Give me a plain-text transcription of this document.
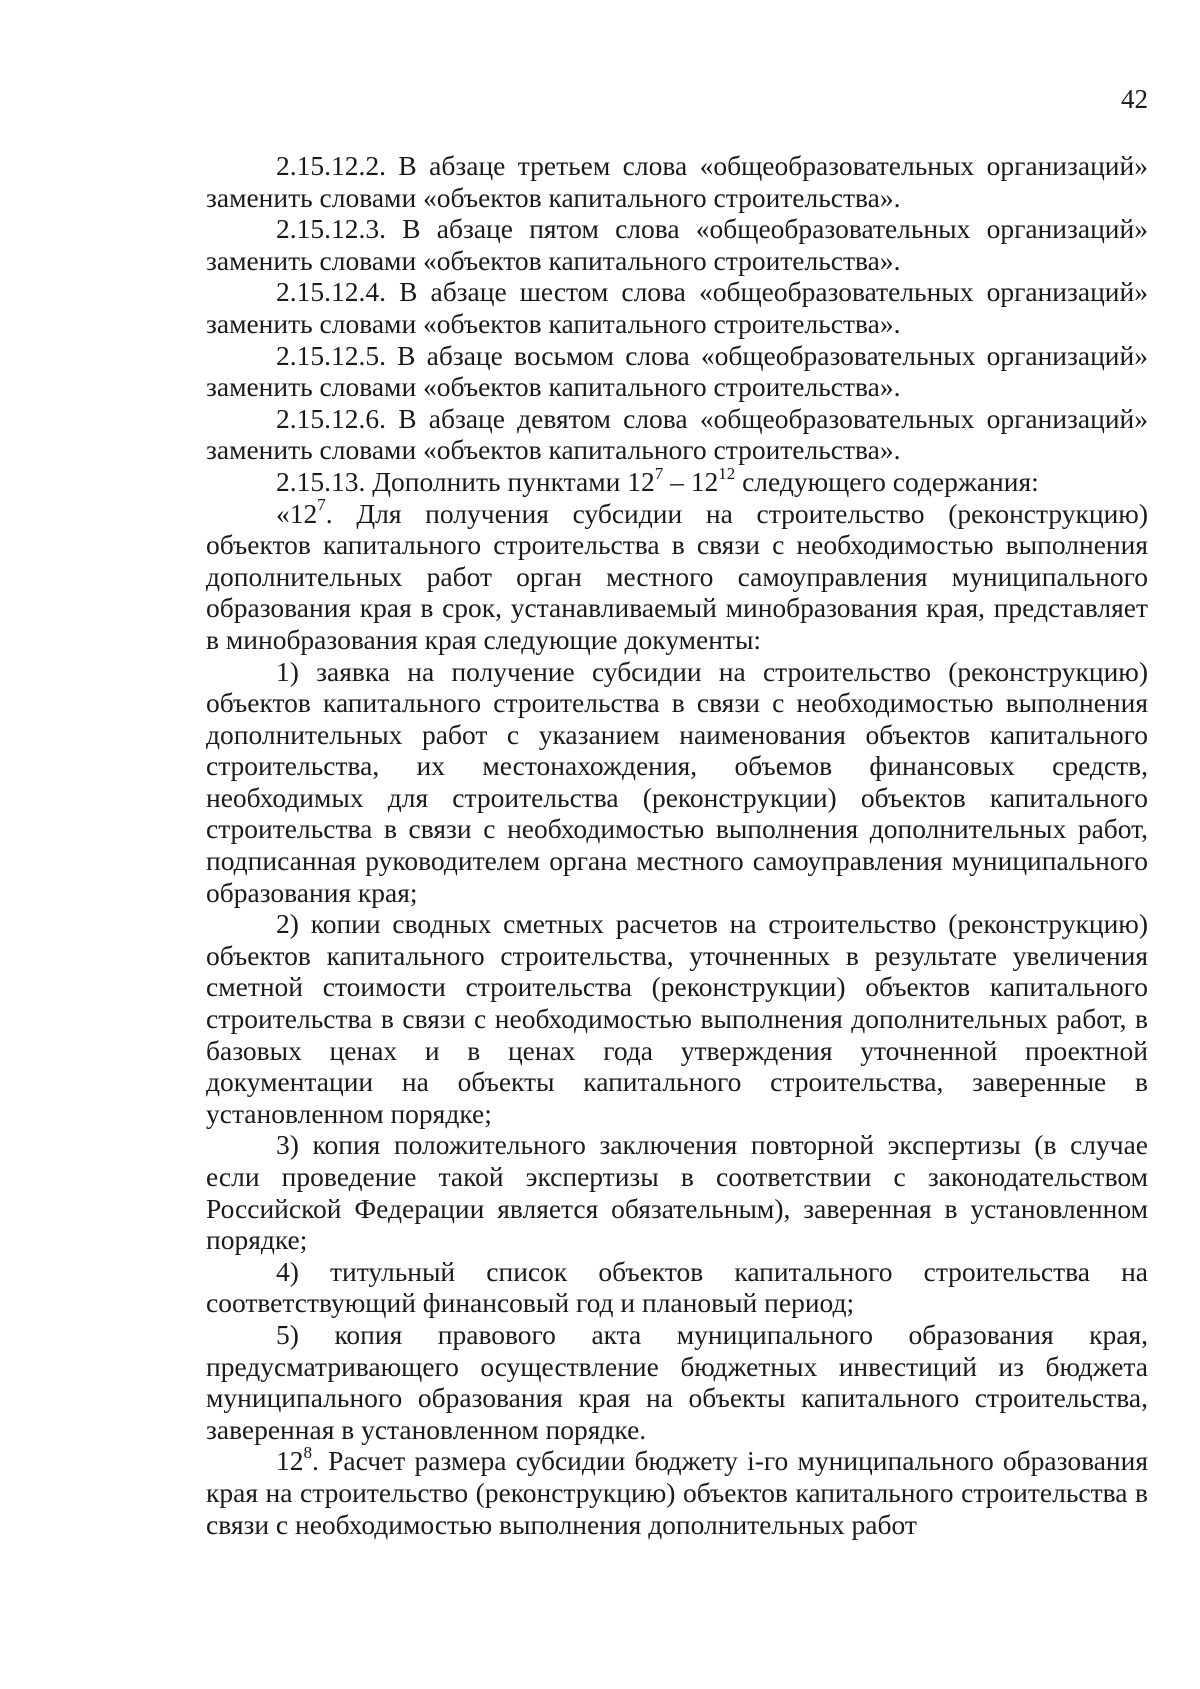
42

2.15.12.2. В абзаце третьем слова «общеобразовательных организаций» заменить словами «объектов капитального строительства».

2.15.12.3. В абзаце пятом слова «общеобразовательных организаций» заменить словами «объектов капитального строительства».

2.15.12.4. В абзаце шестом слова «общеобразовательных организаций» заменить словами «объектов капитального строительства».

2.15.12.5. В абзаце восьмом слова «общеобразовательных организаций» заменить словами «объектов капитального строительства».

2.15.12.6. В абзаце девятом слова «общеобразовательных организаций» заменить словами «объектов капитального строительства».

2.15.13. Дополнить пунктами $12^7 - 12^{12}$ следующего содержания:

«$12^7$. Для получения субсидии на строительство (реконструкцию) объектов капитального строительства в связи с необходимостью выполнения дополнительных работ орган местного самоуправления муниципального образования края в срок, устанавливаемый минобразования края, представляет в минобразования края следующие документы:

1) заявка на получение субсидии на строительство (реконструкцию) объектов капитального строительства в связи с необходимостью выполнения дополнительных работ с указанием наименования объектов капитального строительства, их местонахождения, объемов финансовых средств, необходимых для строительства (реконструкции) объектов капитального строительства в связи с необходимостью выполнения дополнительных работ, подписанная руководителем органа местного самоуправления муниципального образования края;

2) копии сводных сметных расчетов на строительство (реконструкцию) объектов капитального строительства, уточненных в результате увеличения сметной стоимости строительства (реконструкции) объектов капитального строительства в связи с необходимостью выполнения дополнительных работ, в базовых ценах и в ценах года утверждения уточненной проектной документации на объекты капитального строительства, заверенные в установленном порядке;

3) копия положительного заключения повторной экспертизы (в случае если проведение такой экспертизы в соответствии с законодательством Российской Федерации является обязательным), заверенная в установленном порядке;

4) титульный список объектов капитального строительства на соответствующий финансовый год и плановый период;

5) копия правового акта муниципального образования края, предусматривающего осуществление бюджетных инвестиций из бюджета муниципального образования края на объекты капитального строительства, заверенная в установленном порядке.

$12^8$. Расчет размера субсидии бюджету i-го муниципального образования края на строительство (реконструкцию) объектов капитального строительства в связи с необходимостью выполнения дополнительных работ
